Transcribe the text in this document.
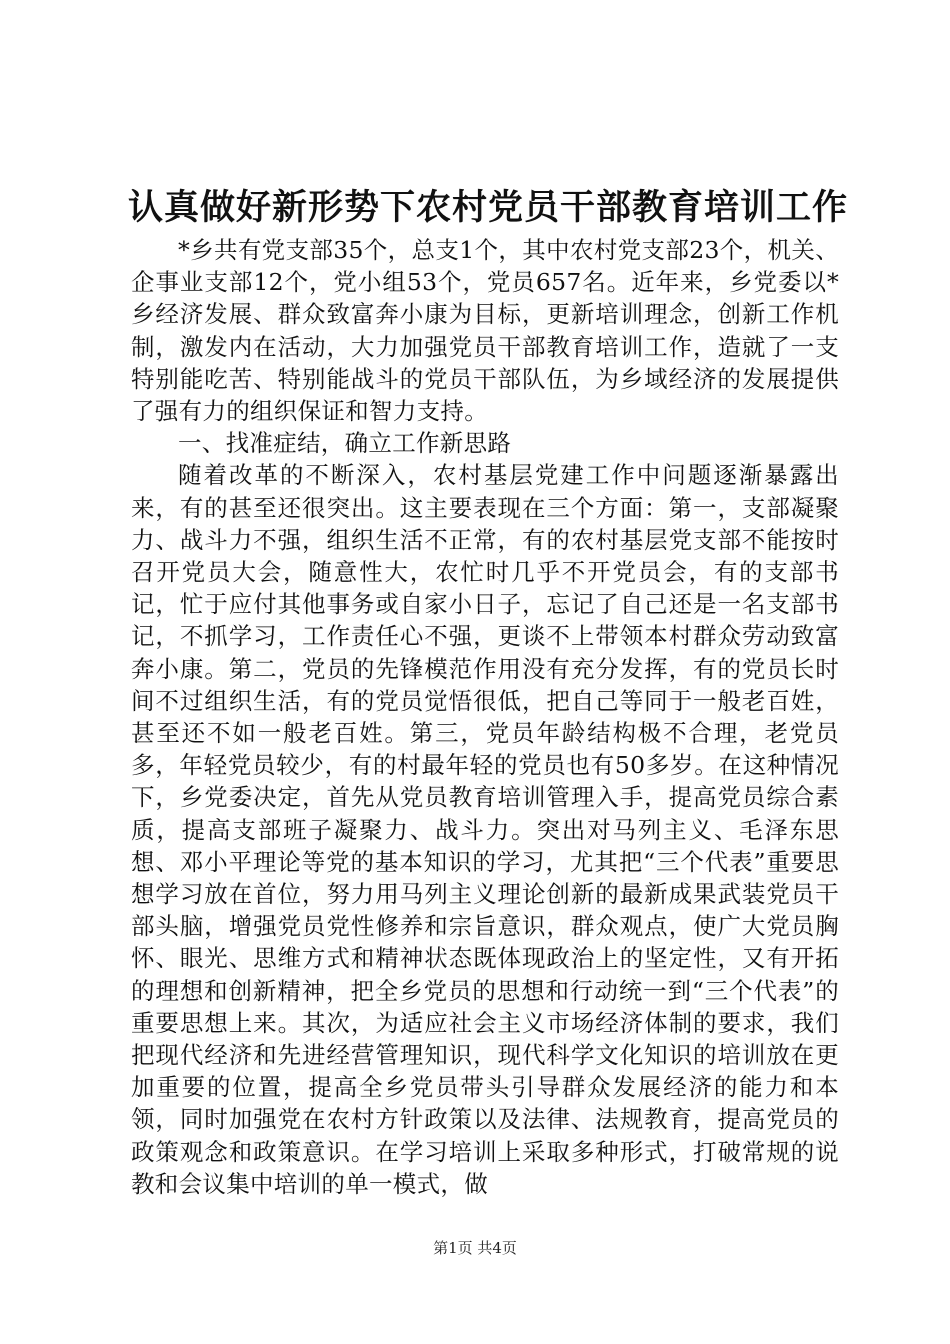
认真做好新形势下农村党员干部教育培训工作

*乡共有党支部35个，总支1个，其中农村党支部23个，机关、企事业支部12个，党小组53个，党员657名。近年来，乡党委以*乡经济发展、群众致富奔小康为目标，更新培训理念，创新工作机制，激发内在活动，大力加强党员干部教育培训工作，造就了一支特别能吃苦、特别能战斗的党员干部队伍，为乡域经济的发展提供了强有力的组织保证和智力支持。

一、找准症结，确立工作新思路

随着改革的不断深入，农村基层党建工作中问题逐渐暴露出来，有的甚至还很突出。这主要表现在三个方面：第一，支部凝聚力、战斗力不强，组织生活不正常，有的农村基层党支部不能按时召开党员大会，随意性大，农忙时几乎不开党员会，有的支部书记，忙于应付其他事务或自家小日子，忘记了自己还是一名支部书记，不抓学习，工作责任心不强，更谈不上带领本村群众劳动致富奔小康。第二，党员的先锋模范作用没有充分发挥，有的党员长时间不过组织生活，有的党员觉悟很低，把自己等同于一般老百姓，甚至还不如一般老百姓。第三，党员年龄结构极不合理，老党员多，年轻党员较少，有的村最年轻的党员也有50多岁。在这种情况下，乡党委决定，首先从党员教育培训管理入手，提高党员综合素质，提高支部班子凝聚力、战斗力。突出对马列主义、毛泽东思想、邓小平理论等党的基本知识的学习，尤其把“三个代表”重要思想学习放在首位，努力用马列主义理论创新的最新成果武装党员干部头脑，增强党员党性修养和宗旨意识，群众观点，使广大党员胸怀、眼光、思维方式和精神状态既体现政治上的坚定性，又有开拓的理想和创新精神，把全乡党员的思想和行动统一到“三个代表”的重要思想上来。其次，为适应社会主义市场经济体制的要求，我们把现代经济和先进经营管理知识，现代科学文化知识的培训放在更加重要的位置，提高全乡党员带头引导群众发展经济的能力和本领，同时加强党在农村方针政策以及法律、法规教育，提高党员的政策观念和政策意识。在学习培训上采取多种形式，打破常规的说教和会议集中培训的单一模式，做

第1页 共4页
